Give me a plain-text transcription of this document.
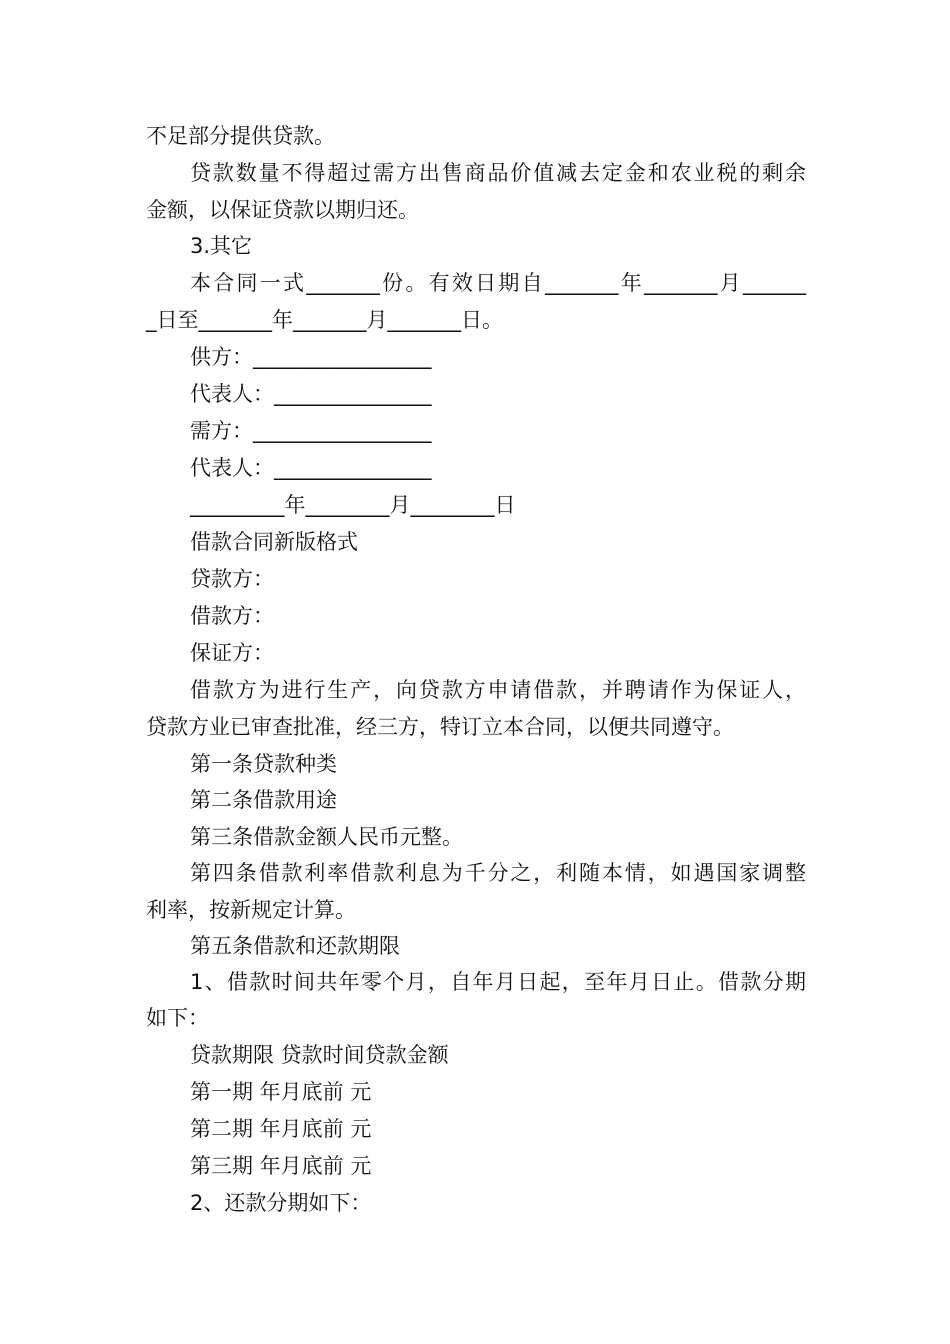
不足部分提供贷款。
贷款数量不得超过需方出售商品价值减去定金和农业税的剩余
金额，以保证贷款以期归还。
3.其它
本合同一式_______份。有效日期自_______年_______月______
_日至_______年_______月_______日。
供方：_________________
代表人：_______________
需方：_________________
代表人：_______________
_________年________月________日
借款合同新版格式
贷款方：
借款方：
保证方：
借款方为进行生产，向贷款方申请借款，并聘请作为保证人，
贷款方业已审查批准，经三方，特订立本合同，以便共同遵守。
第一条贷款种类
第二条借款用途
第三条借款金额人民币元整。
第四条借款利率借款利息为千分之，利随本情，如遇国家调整
利率，按新规定计算。
第五条借款和还款期限
1、借款时间共年零个月，自年月日起，至年月日止。借款分期
如下：
贷款期限 贷款时间贷款金额
第一期 年月底前 元
第二期 年月底前 元
第三期 年月底前 元
2、还款分期如下：
